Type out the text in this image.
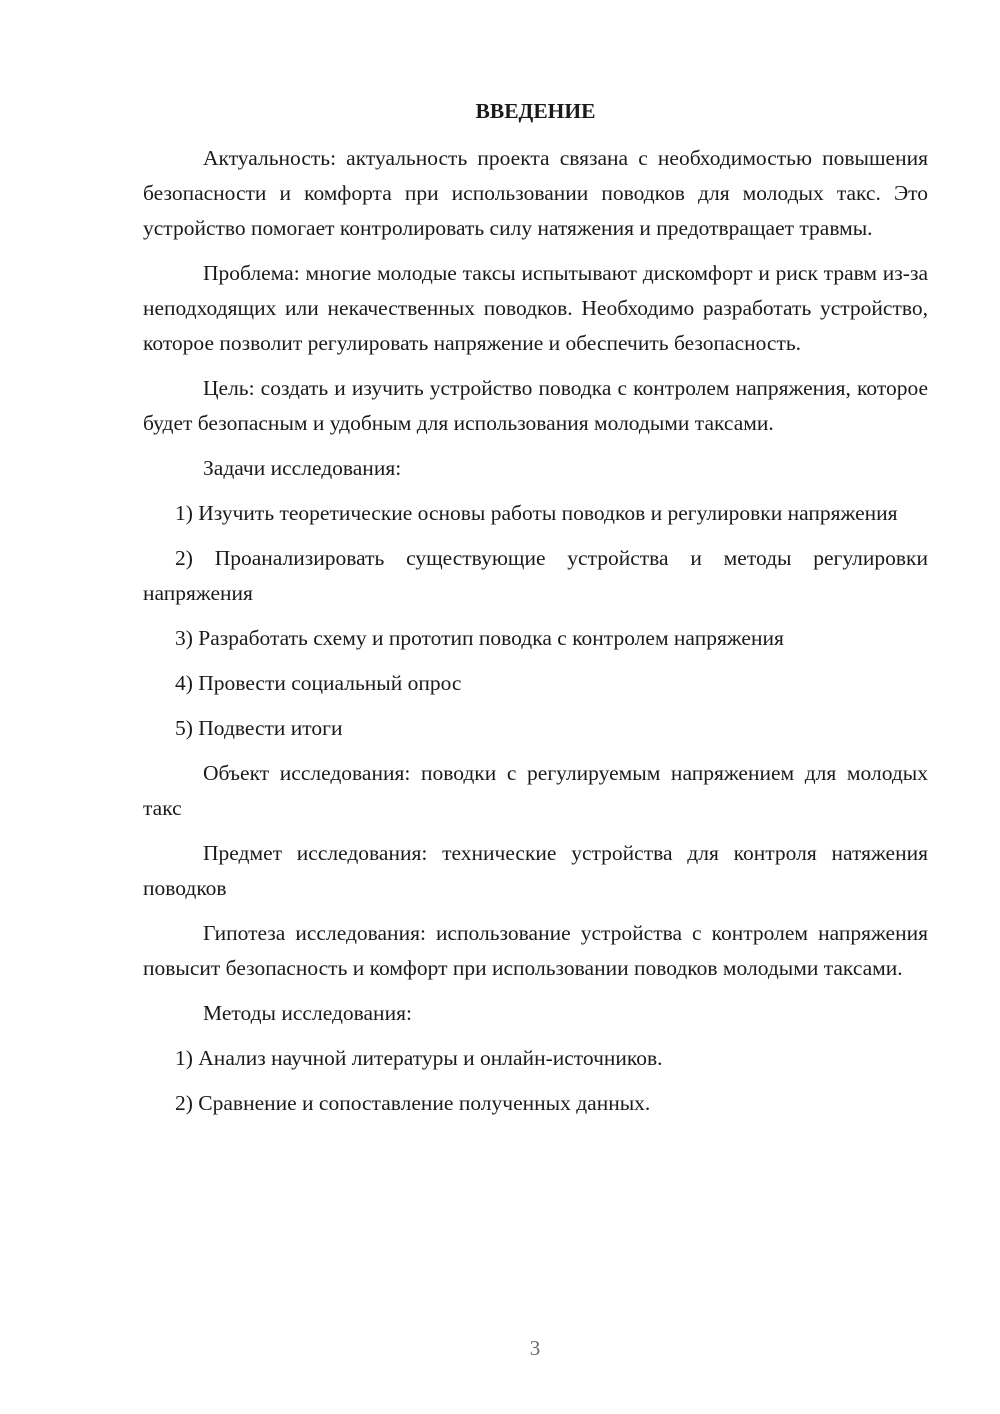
ВВЕДЕНИЕ

Актуальность: актуальность проекта связана с необходимостью повышения безопасности и комфорта при использовании поводков для молодых такс. Это устройство помогает контролировать силу натяжения и предотвращает травмы.

Проблема: многие молодые таксы испытывают дискомфорт и риск травм из-за неподходящих или некачественных поводков. Необходимо разработать устройство, которое позволит регулировать напряжение и обеспечить безопасность.

Цель: создать и изучить устройство поводка с контролем напряжения, которое будет безопасным и удобным для использования молодыми таксами.

Задачи исследования:

1) Изучить теоретические основы работы поводков и регулировки напряжения

2) Проанализировать существующие устройства и методы регулировки напряжения

3) Разработать схему и прототип поводка с контролем напряжения

4) Провести социальный опрос

5) Подвести итоги

Объект исследования: поводки с регулируемым напряжением для молодых такс

Предмет исследования: технические устройства для контроля натяжения поводков

Гипотеза исследования: использование устройства с контролем напряжения повысит безопасность и комфорт при использовании поводков молодыми таксами.

Методы исследования:

1) Анализ научной литературы и онлайн-источников.

2) Сравнение и сопоставление полученных данных.

3
